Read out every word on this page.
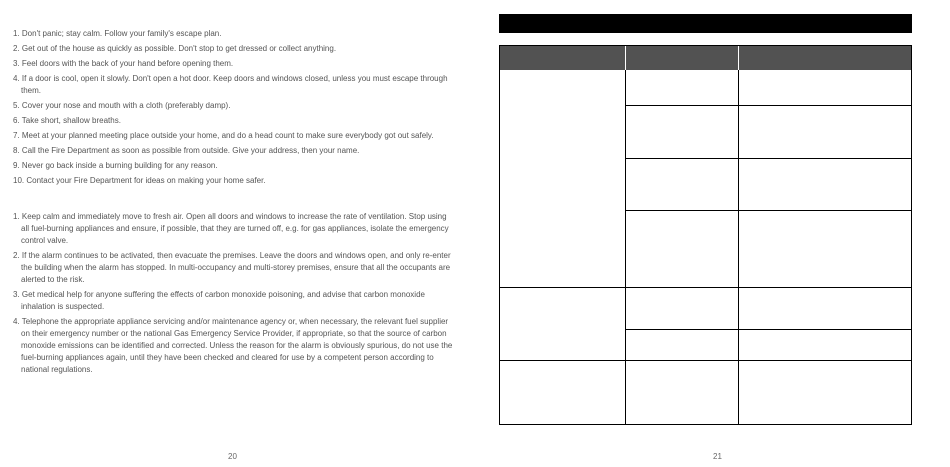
1. Don't panic; stay calm. Follow your family's escape plan.
2. Get out of the house as quickly as possible. Don't stop to get dressed or collect anything.
3. Feel doors with the back of your hand before opening them.
4. If a door is cool, open it slowly. Don't open a hot door. Keep doors and windows closed, unless you must escape through them.
5. Cover your nose and mouth with a cloth (preferably damp).
6. Take short, shallow breaths.
7. Meet at your planned meeting place outside your home, and do a head count to make sure everybody got out safely.
8. Call the Fire Department as soon as possible from outside. Give your address, then your name.
9. Never go back inside a burning building for any reason.
10. Contact your Fire Department for ideas on making your home safer.
1. Keep calm and immediately move to fresh air. Open all doors and windows to increase the rate of ventilation. Stop using all fuel-burning appliances and ensure, if possible, that they are turned off, e.g. for gas appliances, isolate the emergency control valve.
2. If the alarm continues to be activated, then evacuate the premises. Leave the doors and windows open, and only re-enter the building when the alarm has stopped. In multi-occupancy and multi-storey premises, ensure that all the occupants are alerted to the risk.
3. Get medical help for anyone suffering the effects of carbon monoxide poisoning, and advise that carbon monoxide inhalation is suspected.
4. Telephone the appropriate appliance servicing and/or maintenance agency or, when necessary, the relevant fuel supplier on their emergency number or the national Gas Emergency Service Provider, if appropriate, so that the source of carbon monoxide emissions can be identified and corrected. Unless the reason for the alarm is obviously spurious, do not use the fuel-burning appliances again, until they have been checked and cleared for use by a competent person according to national regulations.
20	21
